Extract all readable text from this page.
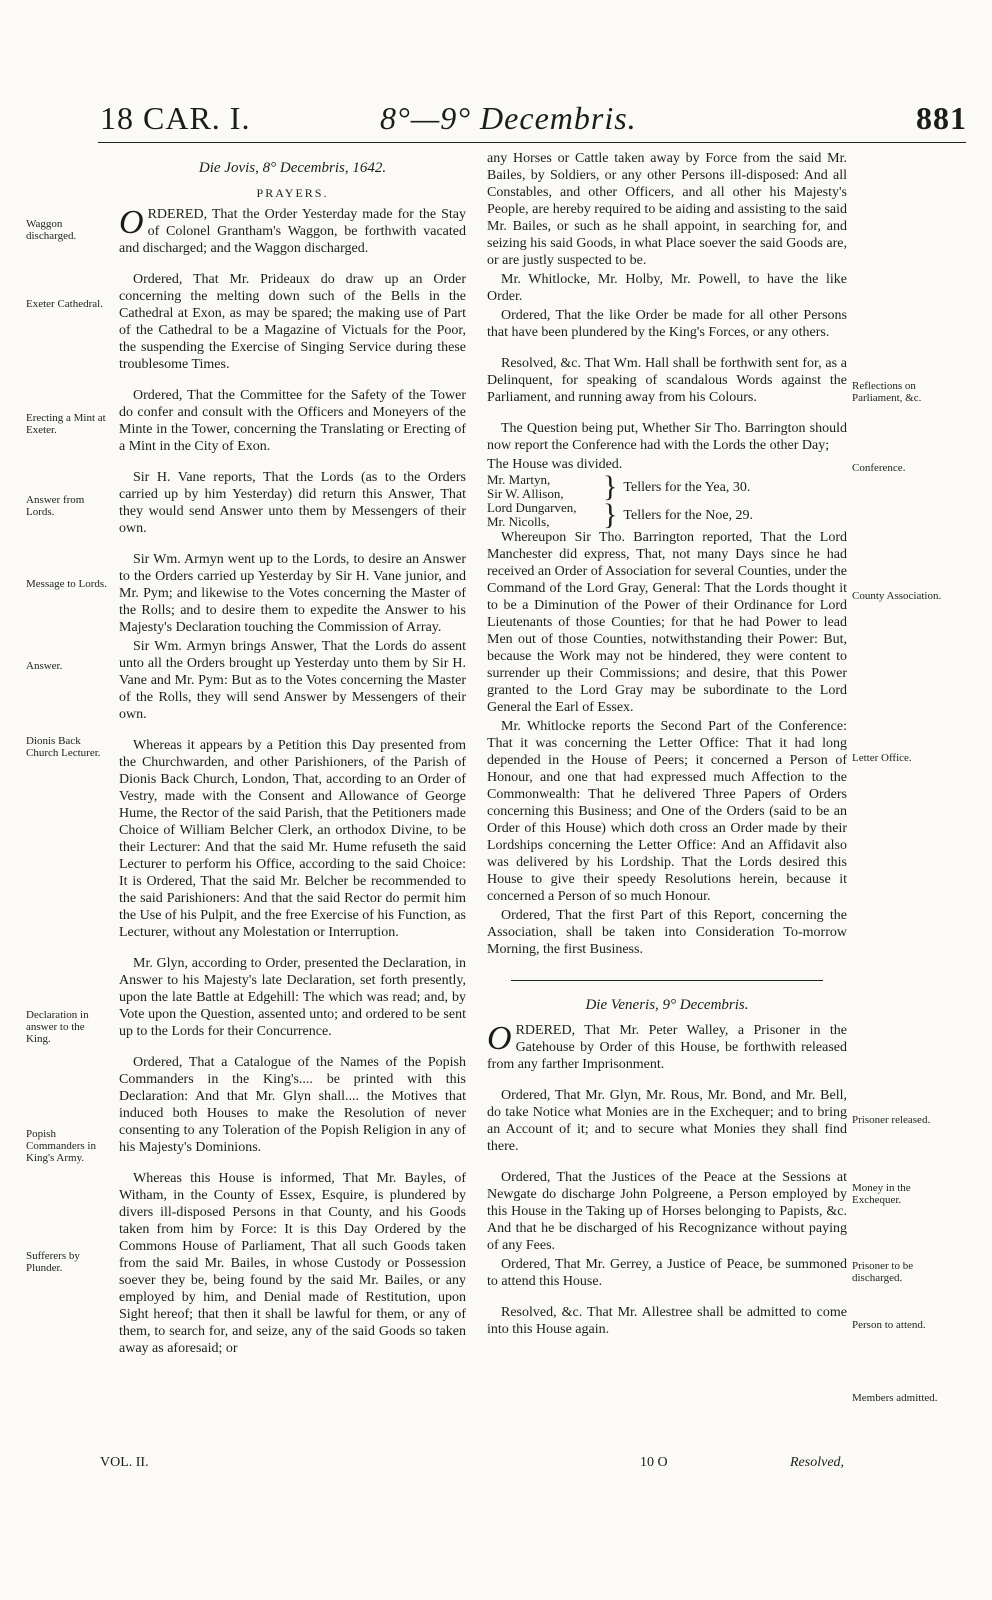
18 CAR. I.	8°—9° Decembris.	881
Waggon discharged.
Exeter Cathedral.
Erecting a Mint at Exeter.
Answer from Lords.
Message to Lords.
Answer.
Dionis Back Church Lecturer.
Declaration in answer to the King.
Popish Commanders in King's Army.
Sufferers by Plunder.
Reflections on Parliament, &c.
Conference.
County Association.
Letter Office.
Prisoner released.
Money in the Exchequer.
Prisoner to be discharged.
Person to attend.
Members admitted.
Die Jovis, 8° Decembris, 1642.

PRAYERS.

ORDERED, That the Order Yesterday made for the Stay of Colonel Grantham's Waggon, be forthwith vacated and discharged; and the Waggon discharged.

Ordered, That Mr. Prideaux do draw up an Order concerning the melting down such of the Bells in the Cathedral at Exon, as may be spared; the making use of Part of the Cathedral to be a Magazine of Victuals for the Poor, the suspending the Exercise of Singing Service during these troublesome Times.

Ordered, That the Committee for the Safety of the Tower do confer and consult with the Officers and Moneyers of the Minte in the Tower, concerning the Translating or Erecting of a Mint in the City of Exon.

Sir H. Vane reports, That the Lords (as to the Orders carried up by him Yesterday) did return this Answer, That they would send Answer unto them by Messengers of their own.

Sir Wm. Armyn went up to the Lords, to desire an Answer to the Orders carried up Yesterday by Sir H. Vane junior, and Mr. Pym; and likewise to the Votes concerning the Master of the Rolls; and to desire them to expedite the Answer to his Majesty's Declaration touching the Commission of Array.

Sir Wm. Armyn brings Answer, That the Lords do assent unto all the Orders brought up Yesterday unto them by Sir H. Vane and Mr. Pym: But as to the Votes concerning the Master of the Rolls, they will send Answer by Messengers of their own.

Whereas it appears by a Petition this Day presented from the Churchwarden, and other Parishioners, of the Parish of Dionis Back Church, London, That, according to an Order of Vestry, made with the Consent and Allowance of George Hume, the Rector of the said Parish, that the Petitioners made Choice of William Belcher Clerk, an orthodox Divine, to be their Lecturer: And that the said Mr. Hume refuseth the said Lecturer to perform his Office, according to the said Choice: It is Ordered, That the said Mr. Belcher be recommended to the said Parishioners: And that the said Rector do permit him the Use of his Pulpit, and the free Exercise of his Function, as Lecturer, without any Molestation or Interruption.

Mr. Glyn, according to Order, presented the Declaration, in Answer to his Majesty's late Declaration, set forth presently, upon the late Battle at Edgehill: The which was read; and, by Vote upon the Question, assented unto; and ordered to be sent up to the Lords for their Concurrence.

Ordered, That a Catalogue of the Names of the Popish Commanders in the King's.... be printed with this Declaration: And that Mr. Glyn shall.... the Motives that induced both Houses to make the Resolution of never consenting to any Toleration of the Popish Religion in any of his Majesty's Dominions.

Whereas this House is informed, That Mr. Bayles, of Witham, in the County of Essex, Esquire, is plundered by divers ill-disposed Persons in that County, and his Goods taken from him by Force: It is this Day Ordered by the Commons House of Parliament, That all such Goods taken from the said Mr. Bailes, in whose Custody or Possession soever they be, being found by the said Mr. Bailes, or any employed by him, and Denial made of Restitution, upon Sight hereof; that then it shall be lawful for them, or any of them, to search for, and seize, any of the said Goods so taken away as aforesaid; or

any Horses or Cattle taken away by Force from the said Mr. Bailes, by Soldiers, or any other Persons ill-disposed: And all Constables, and other Officers, and all other his Majesty's People, are hereby required to be aiding and assisting to the said Mr. Bailes, or such as he shall appoint, in searching for, and seizing his said Goods, in what Place soever the said Goods are, or are justly suspected to be.

Mr. Whitlocke, Mr. Holby, Mr. Powell, to have the like Order.

Ordered, That the like Order be made for all other Persons that have been plundered by the King's Forces, or any others.

Resolved, &c. That Wm. Hall shall be forthwith sent for, as a Delinquent, for speaking of scandalous Words against the Parliament, and running away from his Colours.

The Question being put, Whether Sir Tho. Barrington should now report the Conference had with the Lords the other Day;

The House was divided.

Mr. Martyn,
Sir W. Allison,	} Tellers for the Yea, 30.
Lord Dungarven,
Mr. Nicolls,	} Tellers for the Noe, 29.

Whereupon Sir Tho. Barrington reported, That the Lord Manchester did express, That, not many Days since he had received an Order of Association for several Counties, under the Command of the Lord Gray, General: That the Lords thought it to be a Diminution of the Power of their Ordinance for Lord Lieutenants of those Counties; for that he had Power to lead Men out of those Counties, notwithstanding their Power: But, because the Work may not be hindered, they were content to surrender up their Commissions; and desire, that this Power granted to the Lord Gray may be subordinate to the Lord General the Earl of Essex.

Mr. Whitlocke reports the Second Part of the Conference: That it was concerning the Letter Office: That it had long depended in the House of Peers; it concerned a Person of Honour, and one that had expressed much Affection to the Commonwealth: That he delivered Three Papers of Orders concerning this Business; and One of the Orders (said to be an Order of this House) which doth cross an Order made by their Lordships concerning the Letter Office: And an Affidavit also was delivered by his Lordship. That the Lords desired this House to give their speedy Resolutions herein, because it concerned a Person of so much Honour.

Ordered, That the first Part of this Report, concerning the Association, shall be taken into Consideration To-morrow Morning, the first Business.

Die Veneris, 9° Decembris.

ORDERED, That Mr. Peter Walley, a Prisoner in the Gatehouse by Order of this House, be forthwith released from any farther Imprisonment.

Ordered, That Mr. Glyn, Mr. Rous, Mr. Bond, and Mr. Bell, do take Notice what Monies are in the Exchequer; and to bring an Account of it; and to secure what Monies they shall find there.

Ordered, That the Justices of the Peace at the Sessions at Newgate do discharge John Polgreene, a Person employed by this House in the Taking up of Horses belonging to Papists, &c. And that he be discharged of his Recognizance without paying of any Fees.

Ordered, That Mr. Gerrey, a Justice of Peace, be summoned to attend this House.

Resolved, &c. That Mr. Allestree shall be admitted to come into this House again.

VOL. II.	10 O	Resolved,
